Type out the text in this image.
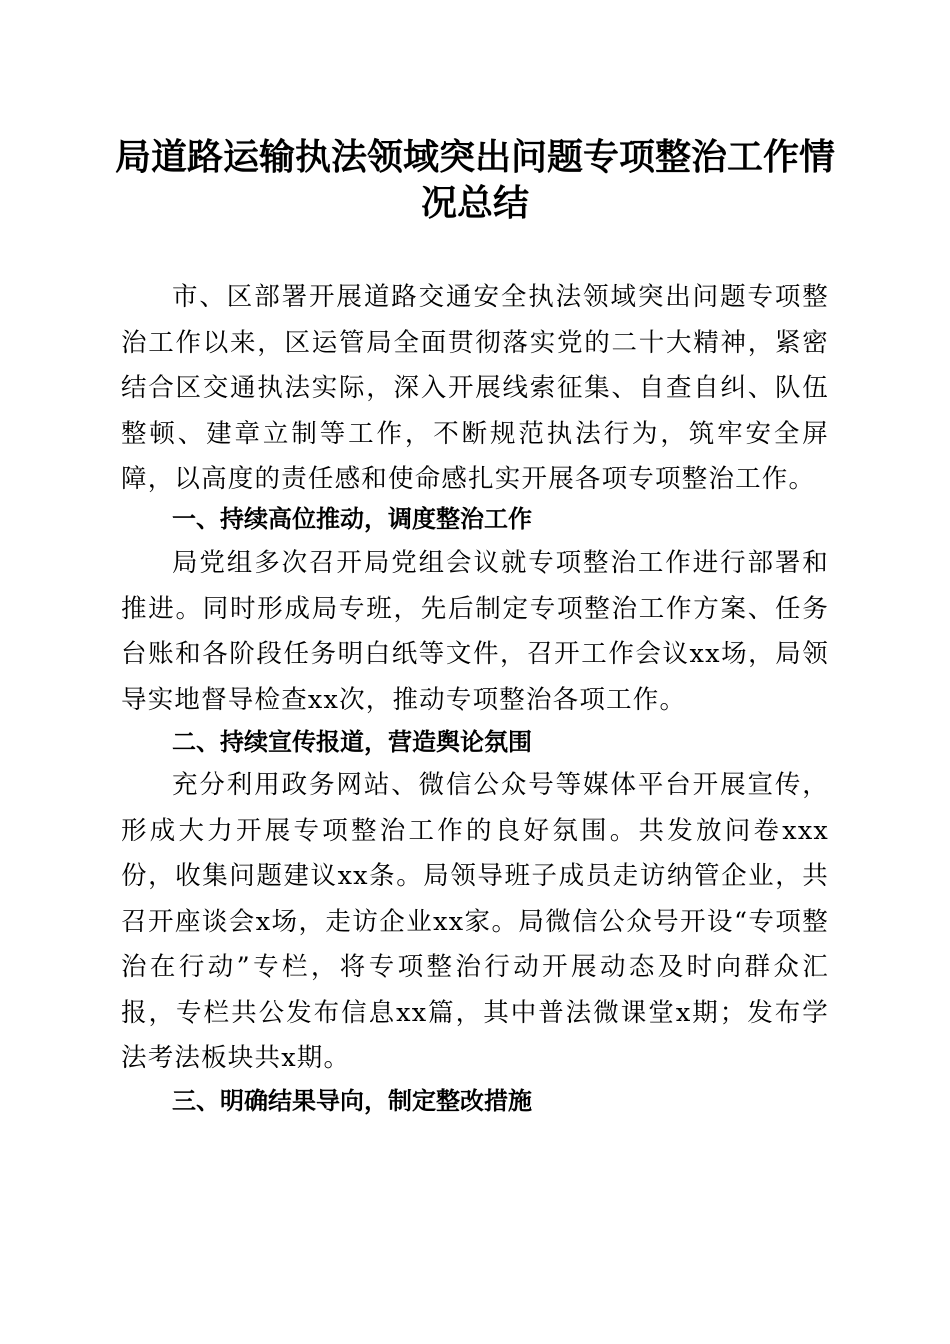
局道路运输执法领域突出问题专项整治工作情况总结

市、区部署开展道路交通安全执法领域突出问题专项整治工作以来，区运管局全面贯彻落实党的二十大精神，紧密结合区交通执法实际，深入开展线索征集、自查自纠、队伍整顿、建章立制等工作，不断规范执法行为，筑牢安全屏障，以高度的责任感和使命感扎实开展各项专项整治工作。

一、持续高位推动，调度整治工作

局党组多次召开局党组会议就专项整治工作进行部署和推进。同时形成局专班，先后制定专项整治工作方案、任务台账和各阶段任务明白纸等文件，召开工作会议xx场，局领导实地督导检查xx次，推动专项整治各项工作。

二、持续宣传报道，营造舆论氛围

充分利用政务网站、微信公众号等媒体平台开展宣传，形成大力开展专项整治工作的良好氛围。共发放问卷xxx份，收集问题建议xx条。局领导班子成员走访纳管企业，共召开座谈会x场，走访企业xx家。局微信公众号开设“专项整治在行动”专栏，将专项整治行动开展动态及时向群众汇报，专栏共公发布信息xx篇，其中普法微课堂x期；发布学法考法板块共x期。

三、明确结果导向，制定整改措施
